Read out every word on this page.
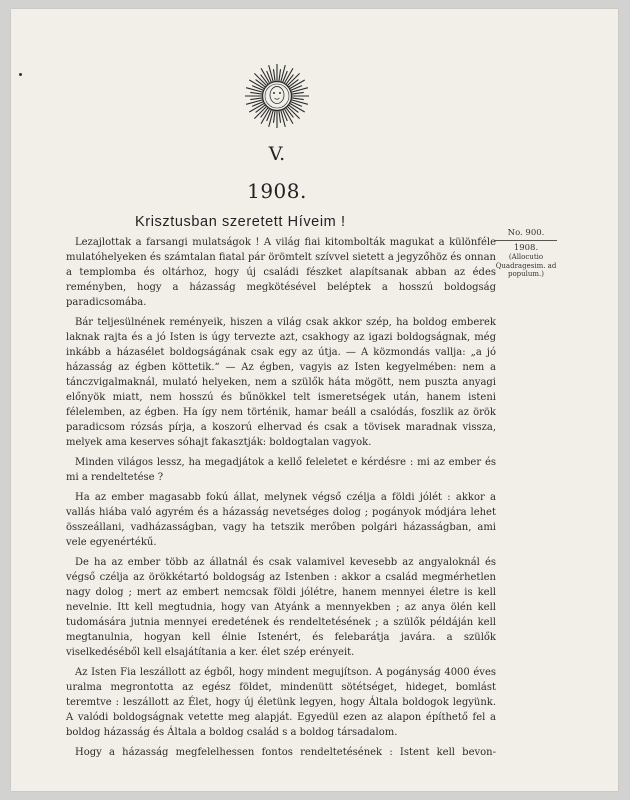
V.
1908.
Krisztusban szeretett Híveim !
No. 900.
1908.
(Allocutio Quadragesim. ad populum.)

Lezajlottak a farsangi mulatságok ! A világ fiai kitombolták magukat a különféle mulatóhelyeken és számtalan fiatal pár örömtelt szívvel sietett a jegyzőhöz és onnan a templomba és oltárhoz, hogy új családi fészket alapítsanak abban az édes reményben, hogy a házasság megkötésével beléptek a hosszú boldogság paradicsomába.

Bár teljesülnének reményeik, hiszen a világ csak akkor szép, ha boldog emberek laknak rajta és a jó Isten is úgy tervezte azt, csakhogy az igazi boldogságnak, még inkább a házasélet boldogságának csak egy az útja. — A közmondás vallja: „a jó házasság az égben köttetik.“ — Az égben, vagyis az Isten kegyelmében: nem a tánczvigalmaknál, mulató helyeken, nem a szülők háta mögött, nem puszta anyagi előnyök miatt, nem hosszú és bűnökkel telt ismeretségek után, hanem isteni félelemben, az égben. Ha így nem történik, hamar beáll a csalódás, foszlik az örök paradicsom rózsás pírja, a koszorú elhervad és csak a tövisek maradnak vissza, melyek ama keserves sóhajt fakasztják: boldogtalan vagyok.

Minden világos lessz, ha megadjátok a kellő feleletet e kérdésre : mi az ember és mi a rendeltetése ?

Ha az ember magasabb fokú állat, melynek végső czélja a földi jólét : akkor a vallás hiába való agyrém és a házasság nevetséges dolog ; pogányok módjára lehet összeállani, vadházasságban, vagy ha tetszik merőben polgári házasságban, ami vele egyenértékű.

De ha az ember több az állatnál és csak valamivel kevesebb az angyaloknál és végső czélja az örökkétartó boldogság az Istenben : akkor a család megmérhetlen nagy dolog ; mert az embert nemcsak földi jólétre, hanem mennyei életre is kell nevelnie. Itt kell megtudnia, hogy van Atyánk a mennyekben ; az anya ölén kell tudomására jutnia mennyei eredetének és rendeltetésének ; a szülők példáján kell megtanulnia, hogyan kell élnie Istenért, és felebarátja javára. a szülők viselkedéséből kell elsajátítania a ker. élet szép erényeit.

Az Isten Fia leszállott az égből, hogy mindent megujítson. A pogányság 4000 éves uralma megrontotta az egész földet, mindenütt sötétséget, hideget, bomlást teremtve : leszállott az Élet, hogy új életünk legyen, hogy Általa boldogok legyünk. A valódi boldogságnak vetette meg alapját. Egyedül ezen az alapon építhető fel a boldog házasság és Általa a boldog család s a boldog társadalom.

Hogy a házasság megfelelhessen fontos rendeltetésének : Istent kell bevon-
